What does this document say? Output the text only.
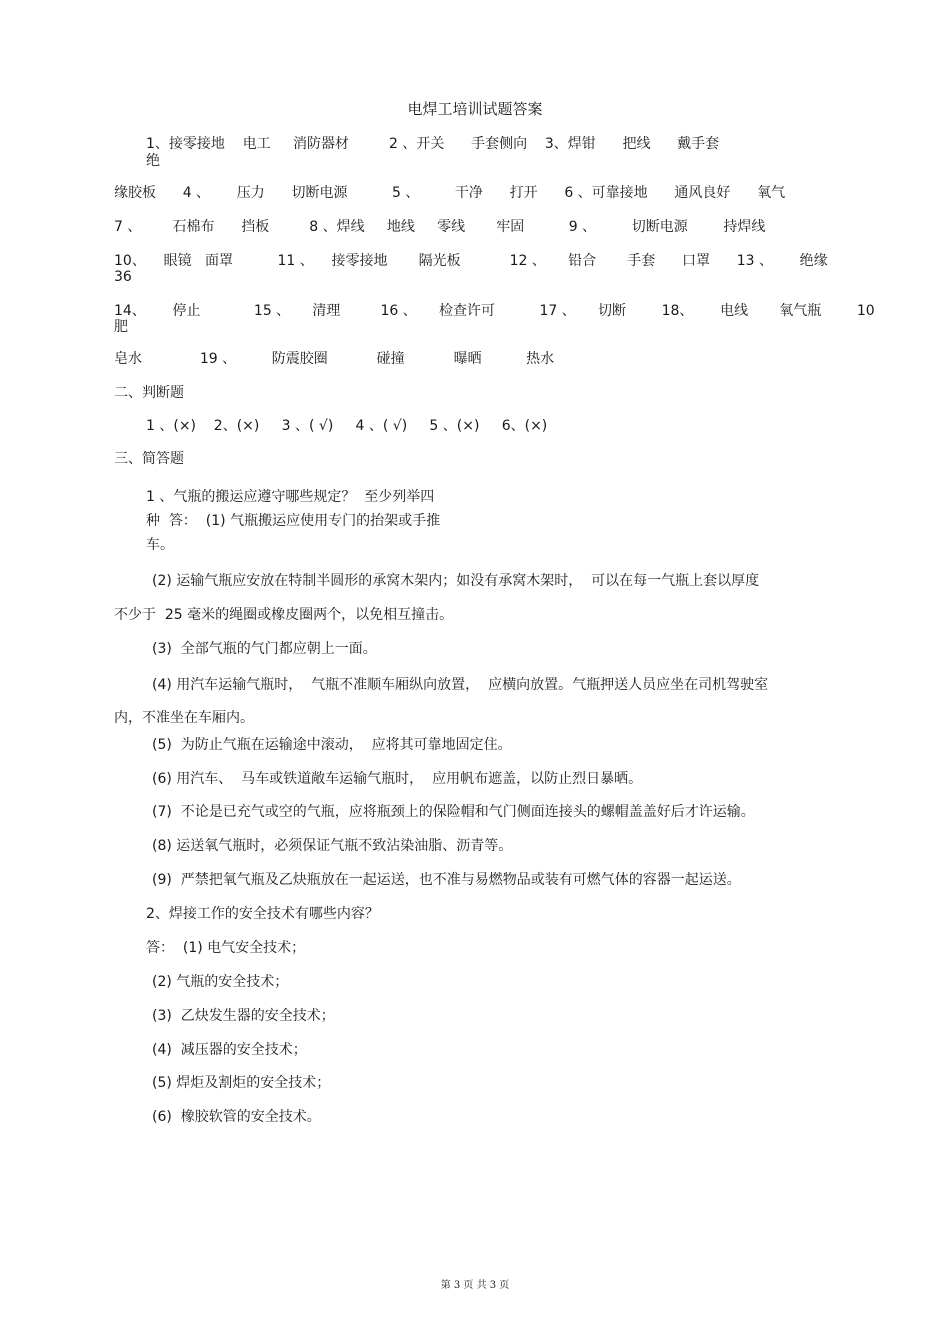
电焊工培训试题答案
1、接零接地    电工     消防器材         2 、开关      手套侧向    3、焊钳      把线      戴手套
绝
缘胶板      4 、      压力      切断电源          5 、        干净      打开      6 、可靠接地      通风良好      氧气
7 、       石棉布      挡板         8 、焊线     地线     零线       牢固          9 、        切断电源        持焊线
10、    眼镜   面罩          11 、    接零接地       隔光板           12 、     铅合       手套      口罩      13 、      绝缘
36
14、      停止            15 、     清理         16 、     检查许可          17 、     切断        18、      电线       氧气瓶        10
肥
皂水             19 、        防震胶圈           碰撞           曝晒          热水
二、判断题
1 、(×)    2、(×)     3 、( √)     4 、( √)     5 、(×)     6、(×)
三、简答题
1 、气瓶的搬运应遵守哪些规定？  至少列举四
种  答：  (1) 气瓶搬运应使用专门的抬架或手推
车。
(2) 运输气瓶应安放在特制半圆形的承窝木架内；如没有承窝木架时，  可以在每一气瓶上套以厚度
不少于  25 毫米的绳圈或橡皮圈两个，以免相互撞击。
(3)  全部气瓶的气门都应朝上一面。
(4) 用汽车运输气瓶时，  气瓶不准顺车厢纵向放置，  应横向放置。气瓶押送人员应坐在司机驾驶室
内，不准坐在车厢内。
(5)  为防止气瓶在运输途中滚动，  应将其可靠地固定住。
(6) 用汽车、  马车或铁道敞车运输气瓶时，  应用帆布遮盖，以防止烈日暴晒。
(7)  不论是已充气或空的气瓶，应将瓶颈上的保险帽和气门侧面连接头的螺帽盖盖好后才许运输。
(8) 运送氧气瓶时，必须保证气瓶不致沾染油脂、沥青等。
(9)  严禁把氧气瓶及乙炔瓶放在一起运送，也不准与易燃物品或装有可燃气体的容器一起运送。
2、焊接工作的安全技术有哪些内容？
答：  (1) 电气安全技术；
(2) 气瓶的安全技术；
(3)  乙炔发生器的安全技术；
(4)  减压器的安全技术；
(5) 焊炬及割炬的安全技术；
(6)  橡胶软管的安全技术。
第 3 页 共 3 页
